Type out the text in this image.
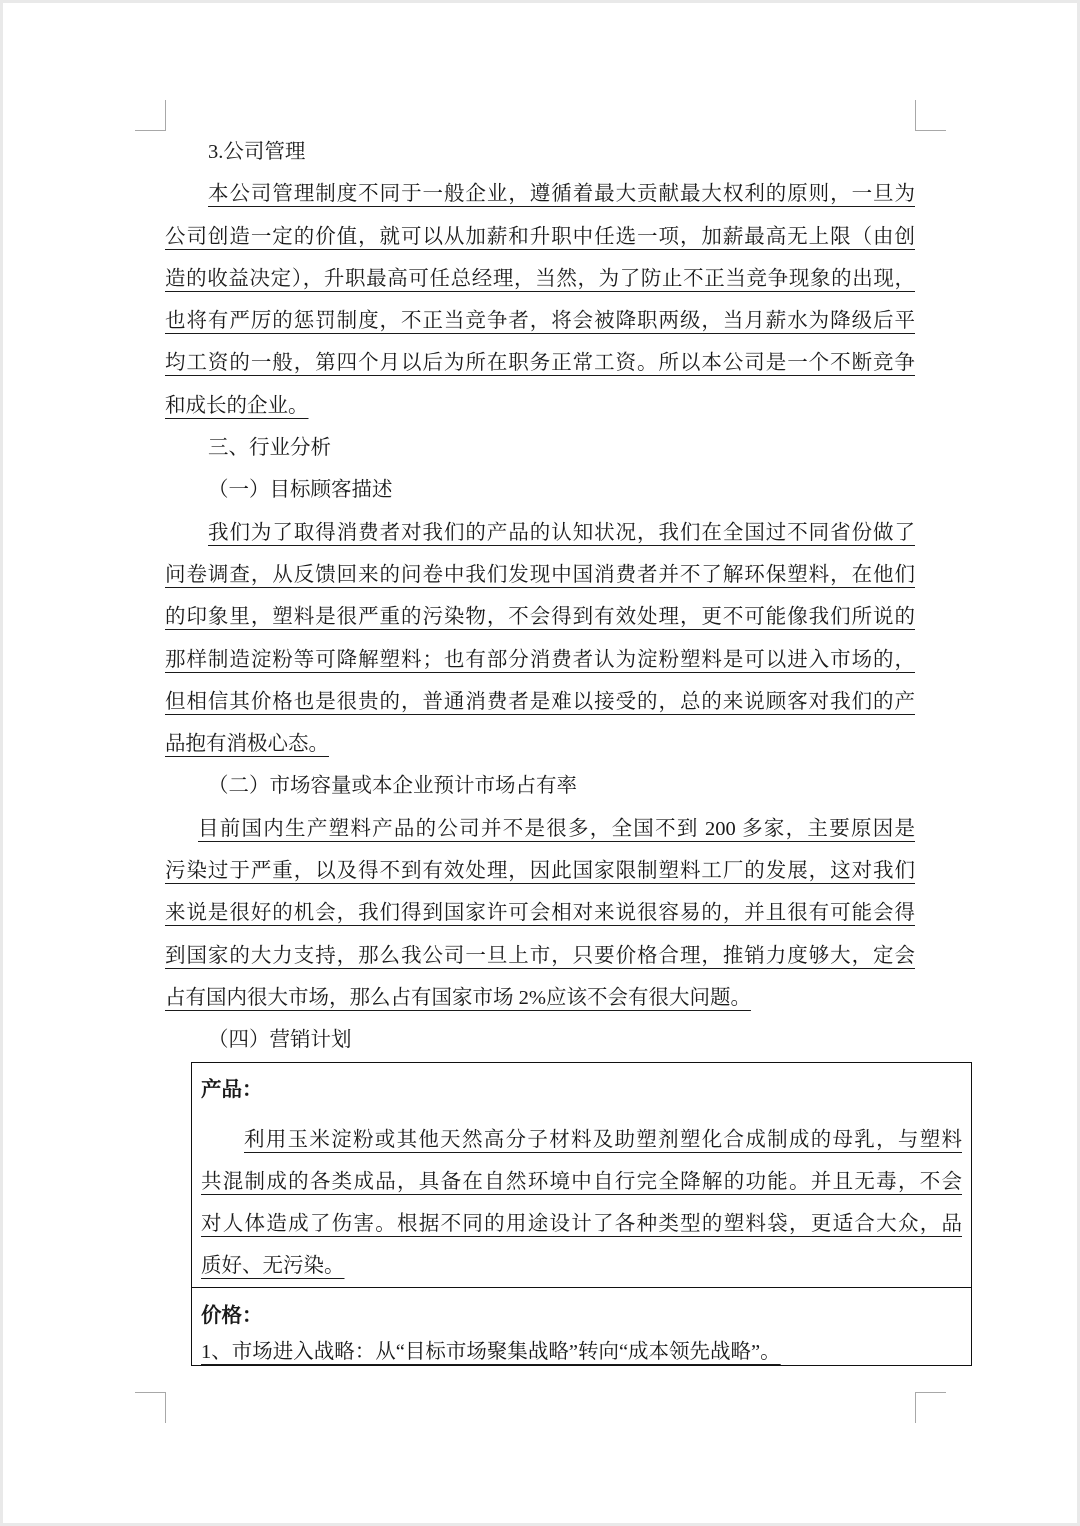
3.公司管理
本公司管理制度不同于一般企业，遵循着最大贡献最大权利的原则，一旦为
公司创造一定的价值，就可以从加薪和升职中任选一项，加薪最高无上限（由创
造的收益决定），升职最高可任总经理，当然，为了防止不正当竞争现象的出现，
也将有严厉的惩罚制度，不正当竞争者，将会被降职两级，当月薪水为降级后平
均工资的一般，第四个月以后为所在职务正常工资。所以本公司是一个不断竞争
和成长的企业。
三、行业分析
（一）目标顾客描述
我们为了取得消费者对我们的产品的认知状况，我们在全国过不同省份做了
问卷调查，从反馈回来的问卷中我们发现中国消费者并不了解环保塑料，在他们
的印象里，塑料是很严重的污染物，不会得到有效处理，更不可能像我们所说的
那样制造淀粉等可降解塑料；也有部分消费者认为淀粉塑料是可以进入市场的，
但相信其价格也是很贵的，普通消费者是难以接受的，总的来说顾客对我们的产
品抱有消极心态。
（二）市场容量或本企业预计市场占有率
目前国内生产塑料产品的公司并不是很多，全国不到 200 多家，主要原因是
污染过于严重，以及得不到有效处理，因此国家限制塑料工厂的发展，这对我们
来说是很好的机会，我们得到国家许可会相对来说很容易的，并且很有可能会得
到国家的大力支持，那么我公司一旦上市，只要价格合理，推销力度够大，定会
占有国内很大市场，那么占有国家市场 2%应该不会有很大问题。
（四）营销计划
产品：
利用玉米淀粉或其他天然高分子材料及助塑剂塑化合成制成的母乳，与塑料
共混制成的各类成品，具备在自然环境中自行完全降解的功能。并且无毒，不会
对人体造成了伤害。根据不同的用途设计了各种类型的塑料袋，更适合大众，品
质好、无污染。
价格：
1、市场进入战略：从“目标市场聚集战略”转向“成本领先战略”。
